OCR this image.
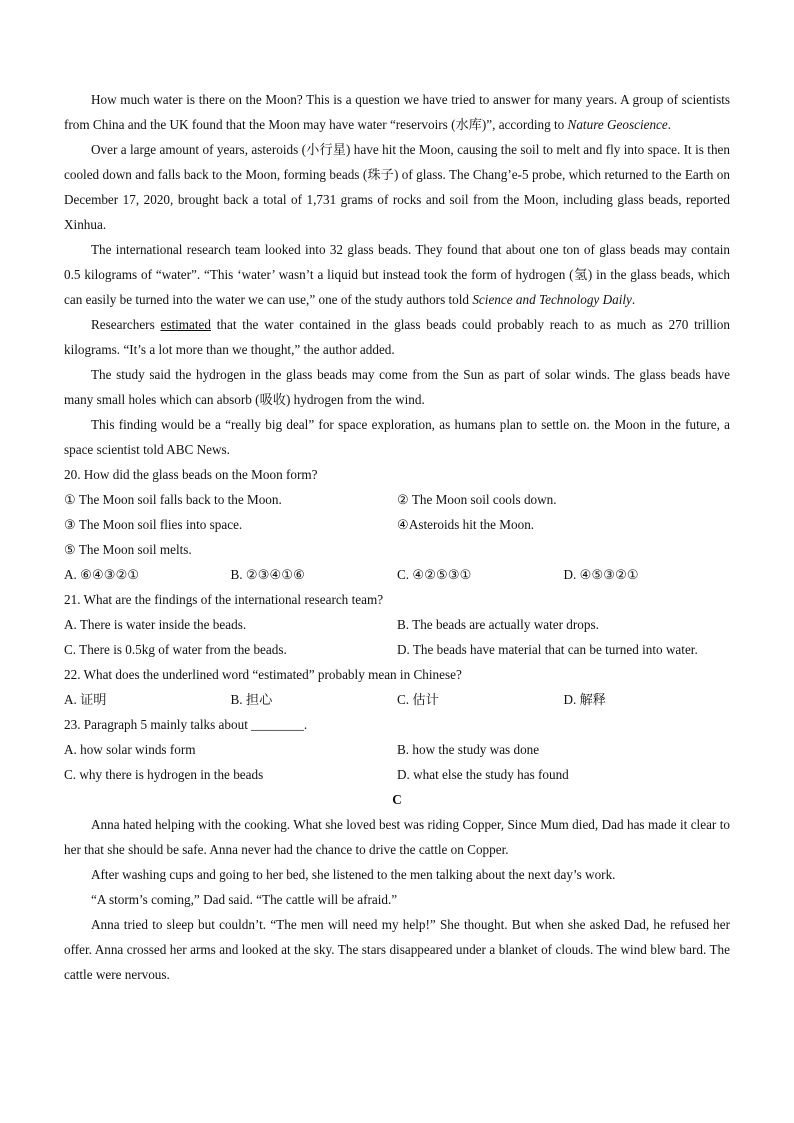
How much water is there on the Moon? This is a question we have tried to answer for many years. A group of scientists from China and the UK found that the Moon may have water “reservoirs (水库)”, according to Nature Geoscience.

Over a large amount of years, asteroids (小行星) have hit the Moon, causing the soil to melt and fly into space. It is then cooled down and falls back to the Moon, forming beads (珠子) of glass. The Chang’e-5 probe, which returned to the Earth on December 17, 2020, brought back a total of 1,731 grams of rocks and soil from the Moon, including glass beads, reported Xinhua.

The international research team looked into 32 glass beads. They found that about one ton of glass beads may contain 0.5 kilograms of “water”. “This ‘water’ wasn’t a liquid but instead took the form of hydrogen (氢) in the glass beads, which can easily be turned into the water we can use,” one of the study authors told Science and Technology Daily.

Researchers estimated that the water contained in the glass beads could probably reach to as much as 270 trillion kilograms. “It’s a lot more than we thought,” the author added.

The study said the hydrogen in the glass beads may come from the Sun as part of solar winds. The glass beads have many small holes which can absorb (吸收) hydrogen from the wind.

This finding would be a “really big deal” for space exploration, as humans plan to settle on. the Moon in the future, a space scientist told ABC News.

20. How did the glass beads on the Moon form?

① The Moon soil falls back to the Moon.	② The Moon soil cools down.
③ The Moon soil flies into space.	④Asteroids hit the Moon.
⑤ The Moon soil melts.
A. ⑥④③②①	B. ②③④①⑥	C. ④②⑤③①	D. ④⑤③②①

21. What are the findings of the international research team?

A. There is water inside the beads.	B. The beads are actually water drops.
C. There is 0.5kg of water from the beads.	D. The beads have material that can be turned into water.

22. What does the underlined word “estimated” probably mean in Chinese?

A. 证明	B. 担心	C. 估计	D. 解释

23. Paragraph 5 mainly talks about ________.

A. how solar winds form	B. how the study was done
C. why there is hydrogen in the beads	D. what else the study has found
C

Anna hated helping with the cooking. What she loved best was riding Copper, Since Mum died, Dad has made it clear to her that she should be safe. Anna never had the chance to drive the cattle on Copper.

After washing cups and going to her bed, she listened to the men talking about the next day’s work.

“A storm’s coming,” Dad said. “The cattle will be afraid.”

Anna tried to sleep but couldn’t. “The men will need my help!” She thought. But when she asked Dad, he refused her offer. Anna crossed her arms and looked at the sky. The stars disappeared under a blanket of clouds. The wind blew bard. The cattle were nervous.
